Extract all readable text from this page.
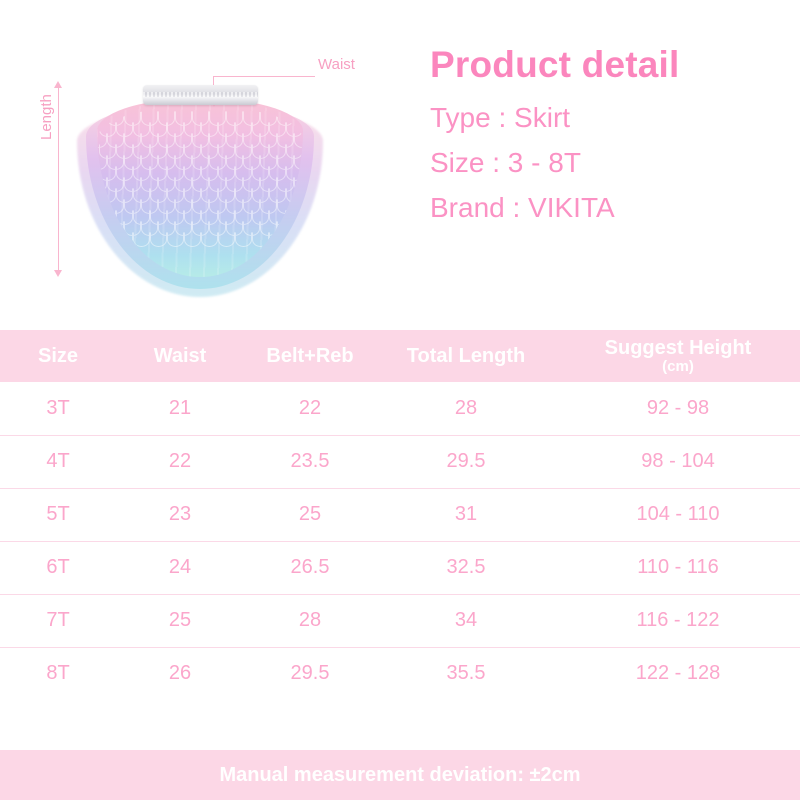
Waist
Length
Product detail
Type : Skirt
Size : 3 - 8T
Brand : VIKITA
Size	Waist	Belt+Reb	Total Length	Suggest Height
(cm)

3T	21	22	28	92 - 98
4T	22	23.5	29.5	98 - 104
5T	23	25	31	104 - 110
6T	24	26.5	32.5	110 - 116
7T	25	28	34	116 - 122
8T	26	29.5	35.5	122 - 128
Manual measurement deviation: ±2cm
